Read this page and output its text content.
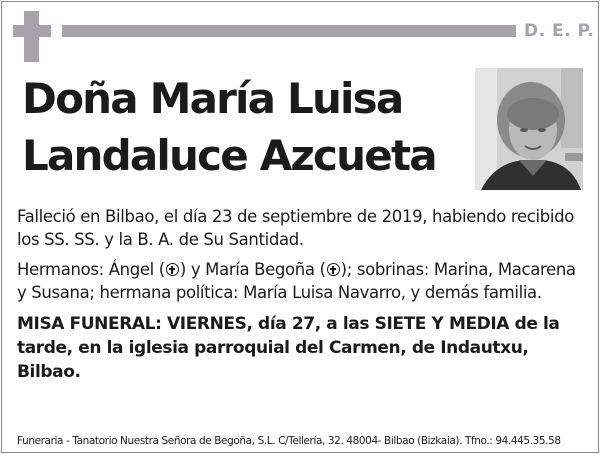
D. E. P.
Doña María Luisa
Landaluce Azcueta

Falleció en Bilbao, el día 23 de septiembre de 2019, habiendo recibido los SS. SS. y la B. A. de Su Santidad.

Hermanos: Ángel ( ) y María Begoña ( ); sobrinas: Marina, Macarena y Susana; hermana política: María Luisa Navarro, y demás familia.

MISA FUNERAL: VIERNES, día 27, a las SIETE Y MEDIA de la tarde, en la iglesia parroquial del Carmen, de Indautxu, Bilbao.

Funeraria - Tanatorio Nuestra Señora de Begoña, S.L. C/Tellería, 32. 48004- Bilbao (Bizkaia). Tfno.: 94.445.35.58
